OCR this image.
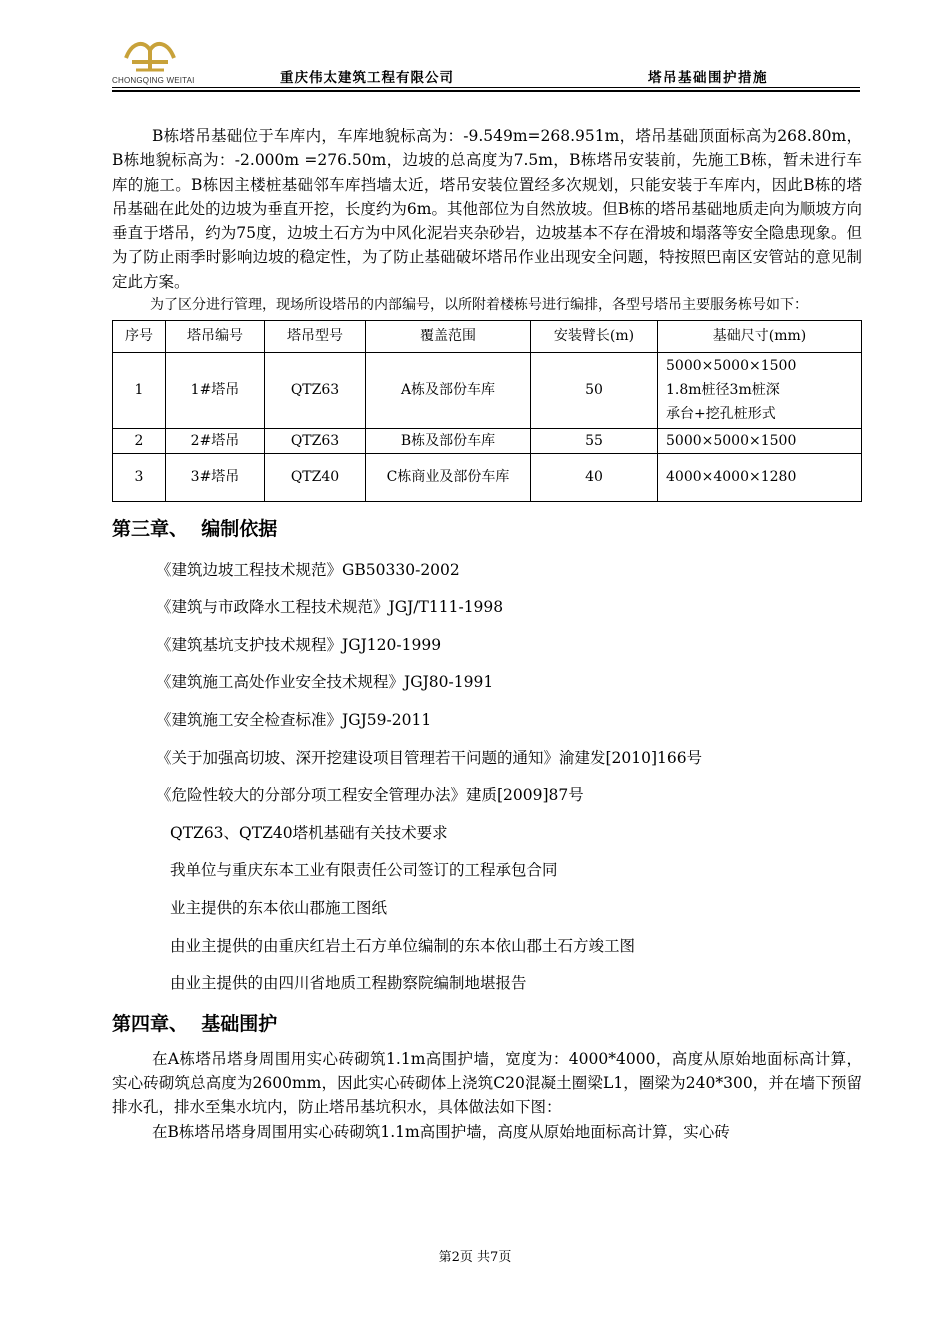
CHONGQING WEITAI	重庆伟太建筑工程有限公司	塔吊基础围护措施

B栋塔吊基础位于车库内，车库地貌标高为：-9.549m=268.951m，塔吊基础顶面标高为268.80m，B栋地貌标高为：-2.000m =276.50m，边坡的总高度为7.5m，B栋塔吊安装前，先施工B栋，暂未进行车库的施工。B栋因主楼桩基础邻车库挡墙太近，塔吊安装位置经多次规划，只能安装于车库内，因此B栋的塔吊基础在此处的边坡为垂直开挖，长度约为6m。其他部位为自然放坡。但B栋的塔吊基础地质走向为顺坡方向垂直于塔吊，约为75度，边坡土石方为中风化泥岩夹杂砂岩，边坡基本不存在滑坡和塌落等安全隐患现象。但为了防止雨季时影响边坡的稳定性，为了防止基础破坏塔吊作业出现安全问题，特按照巴南区安管站的意见制定此方案。

为了区分进行管理，现场所设塔吊的内部编号，以所附着楼栋号进行编排，各型号塔吊主要服务栋号如下：

序号	塔吊编号	塔吊型号	覆盖范围	安装臂长(m)	基础尺寸(mm)
1	1#塔吊	QTZ63	A栋及部份车库	50	5000×5000×1500
1.8m桩径3m桩深
承台+挖孔桩形式

2	2#塔吊	QTZ63	B栋及部份车库	55	5000×5000×1500

3	3#塔吊	QTZ40	C栋商业及部份车库	40	4000×4000×1280
第三章、  编制依据

《建筑边坡工程技术规范》GB50330-2002

《建筑与市政降水工程技术规范》JGJ/T111-1998

《建筑基坑支护技术规程》JGJ120-1999

《建筑施工高处作业安全技术规程》JGJ80-1991

《建筑施工安全检查标准》JGJ59-2011

《关于加强高切坡、深开挖建设项目管理若干问题的通知》渝建发[2010]166号

《危险性较大的分部分项工程安全管理办法》建质[2009]87号

QTZ63、QTZ40塔机基础有关技术要求

我单位与重庆东本工业有限责任公司签订的工程承包合同

业主提供的东本依山郡施工图纸

由业主提供的由重庆红岩土石方单位编制的东本依山郡土石方竣工图

由业主提供的由四川省地质工程勘察院编制地堪报告

第四章、  基础围护

在A栋塔吊塔身周围用实心砖砌筑1.1m高围护墙，宽度为：4000*4000，高度从原始地面标高计算，实心砖砌筑总高度为2600mm，因此实心砖砌体上浇筑C20混凝土圈梁L1，圈梁为240*300，并在墙下预留排水孔，排水至集水坑内，防止塔吊基坑积水，具体做法如下图：

在B栋塔吊塔身周围用实心砖砌筑1.1m高围护墙，高度从原始地面标高计算，实心砖

第2页 共7页
